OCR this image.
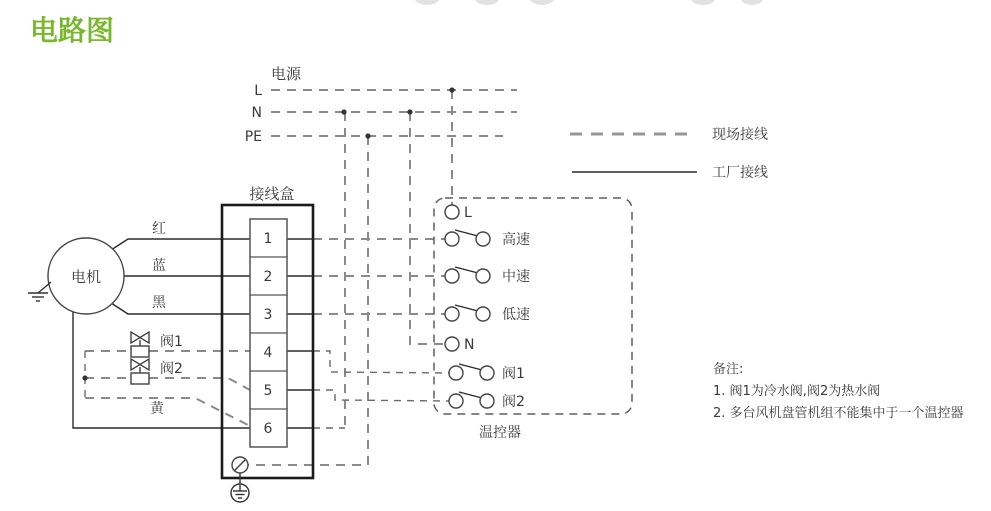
电路图
电源
L
N
PE	现场接线
工厂接线
阀1
阀2
电机
红
蓝
黑
黄
接线盒
1
2
3
4
5
6
L
高速
中速
低速
N
阀1
阀2
温控器
备注:
1. 阀1为冷水阀,阀2为热水阀
2. 多台风机盘管机组不能集中于一个温控器
